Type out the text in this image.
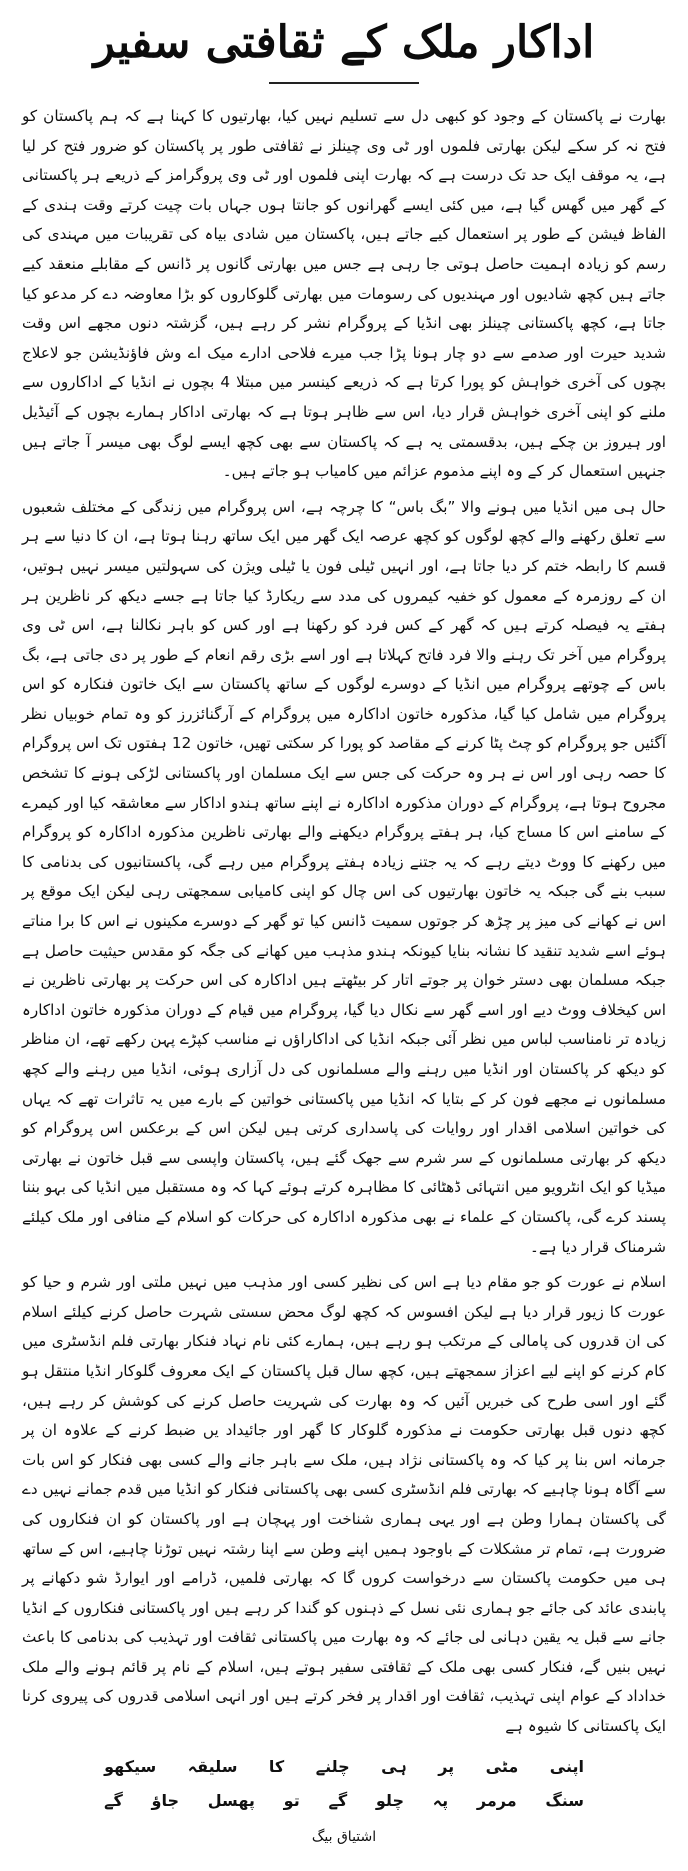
اداکار ملک کے ثقافتی سفیر

بھارت نے پاکستان کے وجود کو کبھی دل سے تسلیم نہیں کیا، بھارتیوں کا کہنا ہے کہ ہم پاکستان کو فتح نہ کر سکے لیکن بھارتی فلموں اور ٹی وی چینلز نے ثقافتی طور پر پاکستان کو ضرور فتح کر لیا ہے، یہ موقف ایک حد تک درست ہے کہ بھارت اپنی فلموں اور ٹی وی پروگرامز کے ذریعے ہر پاکستانی کے گھر میں گھس گیا ہے، میں کئی ایسے گھرانوں کو جانتا ہوں جہاں بات چیت کرتے وقت ہندی کے الفاظ فیشن کے طور پر استعمال کیے جاتے ہیں، پاکستان میں شادی بیاہ کی تقریبات میں مہندی کی رسم کو زیادہ اہمیت حاصل ہوتی جا رہی ہے جس میں بھارتی گانوں پر ڈانس کے مقابلے منعقد کیے جاتے ہیں کچھ شادیوں اور مہندیوں کی رسومات میں بھارتی گلوکاروں کو بڑا معاوضہ دے کر مدعو کیا جاتا ہے، کچھ پاکستانی چینلز بھی انڈیا کے پروگرام نشر کر رہے ہیں، گزشتہ دنوں مجھے اس وقت شدید حیرت اور صدمے سے دو چار ہونا پڑا جب میرے فلاحی ادارے میک اے وش فاؤنڈیشن جو لاعلاج بچوں کی آخری خواہش کو پورا کرتا ہے کہ ذریعے کینسر میں مبتلا 4 بچوں نے انڈیا کے اداکاروں سے ملنے کو اپنی آخری خواہش قرار دیا، اس سے ظاہر ہوتا ہے کہ بھارتی اداکار ہمارے بچوں کے آئیڈیل اور ہیروز بن چکے ہیں، بدقسمتی یہ ہے کہ پاکستان سے بھی کچھ ایسے لوگ بھی میسر آ جاتے ہیں جنہیں استعمال کر کے وہ اپنے مذموم عزائم میں کامیاب ہو جاتے ہیں۔

حال ہی میں انڈیا میں ہونے والا ”بگ باس“ کا چرچہ ہے، اس پروگرام میں زندگی کے مختلف شعبوں سے تعلق رکھنے والے کچھ لوگوں کو کچھ عرصہ ایک گھر میں ایک ساتھ رہنا ہوتا ہے، ان کا دنیا سے ہر قسم کا رابطہ ختم کر دیا جاتا ہے، اور انہیں ٹیلی فون یا ٹیلی ویژن کی سہولتیں میسر نہیں ہوتیں، ان کے روزمرہ کے معمول کو خفیہ کیمروں کی مدد سے ریکارڈ کیا جاتا ہے جسے دیکھ کر ناظرین ہر ہفتے یہ فیصلہ کرتے ہیں کہ گھر کے کس فرد کو رکھنا ہے اور کس کو باہر نکالنا ہے، اس ٹی وی پروگرام میں آخر تک رہنے والا فرد فاتح کہلاتا ہے اور اسے بڑی رقم انعام کے طور پر دی جاتی ہے، بگ باس کے چوتھے پروگرام میں انڈیا کے دوسرے لوگوں کے ساتھ پاکستان سے ایک خاتون فنکارہ کو اس پروگرام میں شامل کیا گیا، مذکورہ خاتون اداکارہ میں پروگرام کے آرگنائزرز کو وہ تمام خوبیاں نظر آگئیں جو پروگرام کو چٹ پٹا کرنے کے مقاصد کو پورا کر سکتی تھیں، خاتون 12 ہفتوں تک اس پروگرام کا حصہ رہی اور اس نے ہر وہ حرکت کی جس سے ایک مسلمان اور پاکستانی لڑکی ہونے کا تشخص مجروح ہوتا ہے، پروگرام کے دوران مذکورہ اداکارہ نے اپنے ساتھ ہندو اداکار سے معاشقہ کیا اور کیمرے کے سامنے اس کا مساج کیا، ہر ہفتے پروگرام دیکھنے والے بھارتی ناظرین مذکورہ اداکارہ کو پروگرام میں رکھنے کا ووٹ دیتے رہے کہ یہ جتنے زیادہ ہفتے پروگرام میں رہے گی، پاکستانیوں کی بدنامی کا سبب بنے گی جبکہ یہ خاتون بھارتیوں کی اس چال کو اپنی کامیابی سمجھتی رہی لیکن ایک موقع پر اس نے کھانے کی میز پر چڑھ کر جوتوں سمیت ڈانس کیا تو گھر کے دوسرے مکینوں نے اس کا برا مناتے ہوئے اسے شدید تنقید کا نشانہ بنایا کیونکہ ہندو مذہب میں کھانے کی جگہ کو مقدس حیثیت حاصل ہے جبکہ مسلمان بھی دستر خوان پر جوتے اتار کر بیٹھتے ہیں اداکارہ کی اس حرکت پر بھارتی ناظرین نے اس کیخلاف ووٹ دیے اور اسے گھر سے نکال دیا گیا، پروگرام میں قیام کے دوران مذکورہ خاتون اداکارہ زیادہ تر نامناسب لباس میں نظر آئی جبکہ انڈیا کی اداکاراؤں نے مناسب کپڑے پہن رکھے تھے، ان مناظر کو دیکھ کر پاکستان اور انڈیا میں رہنے والے مسلمانوں کی دل آزاری ہوئی، انڈیا میں رہنے والے کچھ مسلمانوں نے مجھے فون کر کے بتایا کہ انڈیا میں پاکستانی خواتین کے بارے میں یہ تاثرات تھے کہ یہاں کی خواتین اسلامی اقدار اور روایات کی پاسداری کرتی ہیں لیکن اس کے برعکس اس پروگرام کو دیکھ کر بھارتی مسلمانوں کے سر شرم سے جھک گئے ہیں، پاکستان واپسی سے قبل خاتون نے بھارتی میڈیا کو ایک انٹرویو میں انتہائی ڈھٹائی کا مظاہرہ کرتے ہوئے کہا کہ وہ مستقبل میں انڈیا کی بہو بننا پسند کرے گی، پاکستان کے علماء نے بھی مذکورہ اداکارہ کی حرکات کو اسلام کے منافی اور ملک کیلئے شرمناک قرار دیا ہے۔

اسلام نے عورت کو جو مقام دیا ہے اس کی نظیر کسی اور مذہب میں نہیں ملتی اور شرم و حیا کو عورت کا زیور قرار دیا ہے لیکن افسوس کہ کچھ لوگ محض سستی شہرت حاصل کرنے کیلئے اسلام کی ان قدروں کی پامالی کے مرتکب ہو رہے ہیں، ہمارے کئی نام نہاد فنکار بھارتی فلم انڈسٹری میں کام کرنے کو اپنے لیے اعزاز سمجھتے ہیں، کچھ سال قبل پاکستان کے ایک معروف گلوکار انڈیا منتقل ہو گئے اور اسی طرح کی خبریں آئیں کہ وہ بھارت کی شہریت حاصل کرنے کی کوشش کر رہے ہیں، کچھ دنوں قبل بھارتی حکومت نے مذکورہ گلوکار کا گھر اور جائیداد یں ضبط کرنے کے علاوہ ان پر جرمانہ اس بنا پر کیا کہ وہ پاکستانی نژاد ہیں، ملک سے باہر جانے والے کسی بھی فنکار کو اس بات سے آگاہ ہونا چاہیے کہ بھارتی فلم انڈسٹری کسی بھی پاکستانی فنکار کو انڈیا میں قدم جمانے نہیں دے گی پاکستان ہمارا وطن ہے اور یہی ہماری شناخت اور پہچان ہے اور پاکستان کو ان فنکاروں کی ضرورت ہے، تمام تر مشکلات کے باوجود ہمیں اپنے وطن سے اپنا رشتہ نہیں توڑنا چاہیے، اس کے ساتھ ہی میں حکومت پاکستان سے درخواست کروں گا کہ بھارتی فلمیں، ڈرامے اور ایوارڈ شو دکھانے پر پابندی عائد کی جائے جو ہماری نئی نسل کے ذہنوں کو گندا کر رہے ہیں اور پاکستانی فنکاروں کے انڈیا جانے سے قبل یہ یقین دہانی لی جائے کہ وہ بھارت میں پاکستانی ثقافت اور تہذیب کی بدنامی کا باعث نہیں بنیں گے، فنکار کسی بھی ملک کے ثقافتی سفیر ہوتے ہیں، اسلام کے نام پر قائم ہونے والے ملک خداداد کے عوام اپنی تہذیب، ثقافت اور اقدار پر فخر کرتے ہیں اور انہی اسلامی قدروں کی پیروی کرنا ایک پاکستانی کا شیوہ ہے

اپنی
مٹی
پر
ہی
چلنے
کا
سلیقہ
سیکھو
سنگ
مرمر
پہ
چلو
گے
تو
پھسل
جاؤ
گے
اشتیاق بیگ
